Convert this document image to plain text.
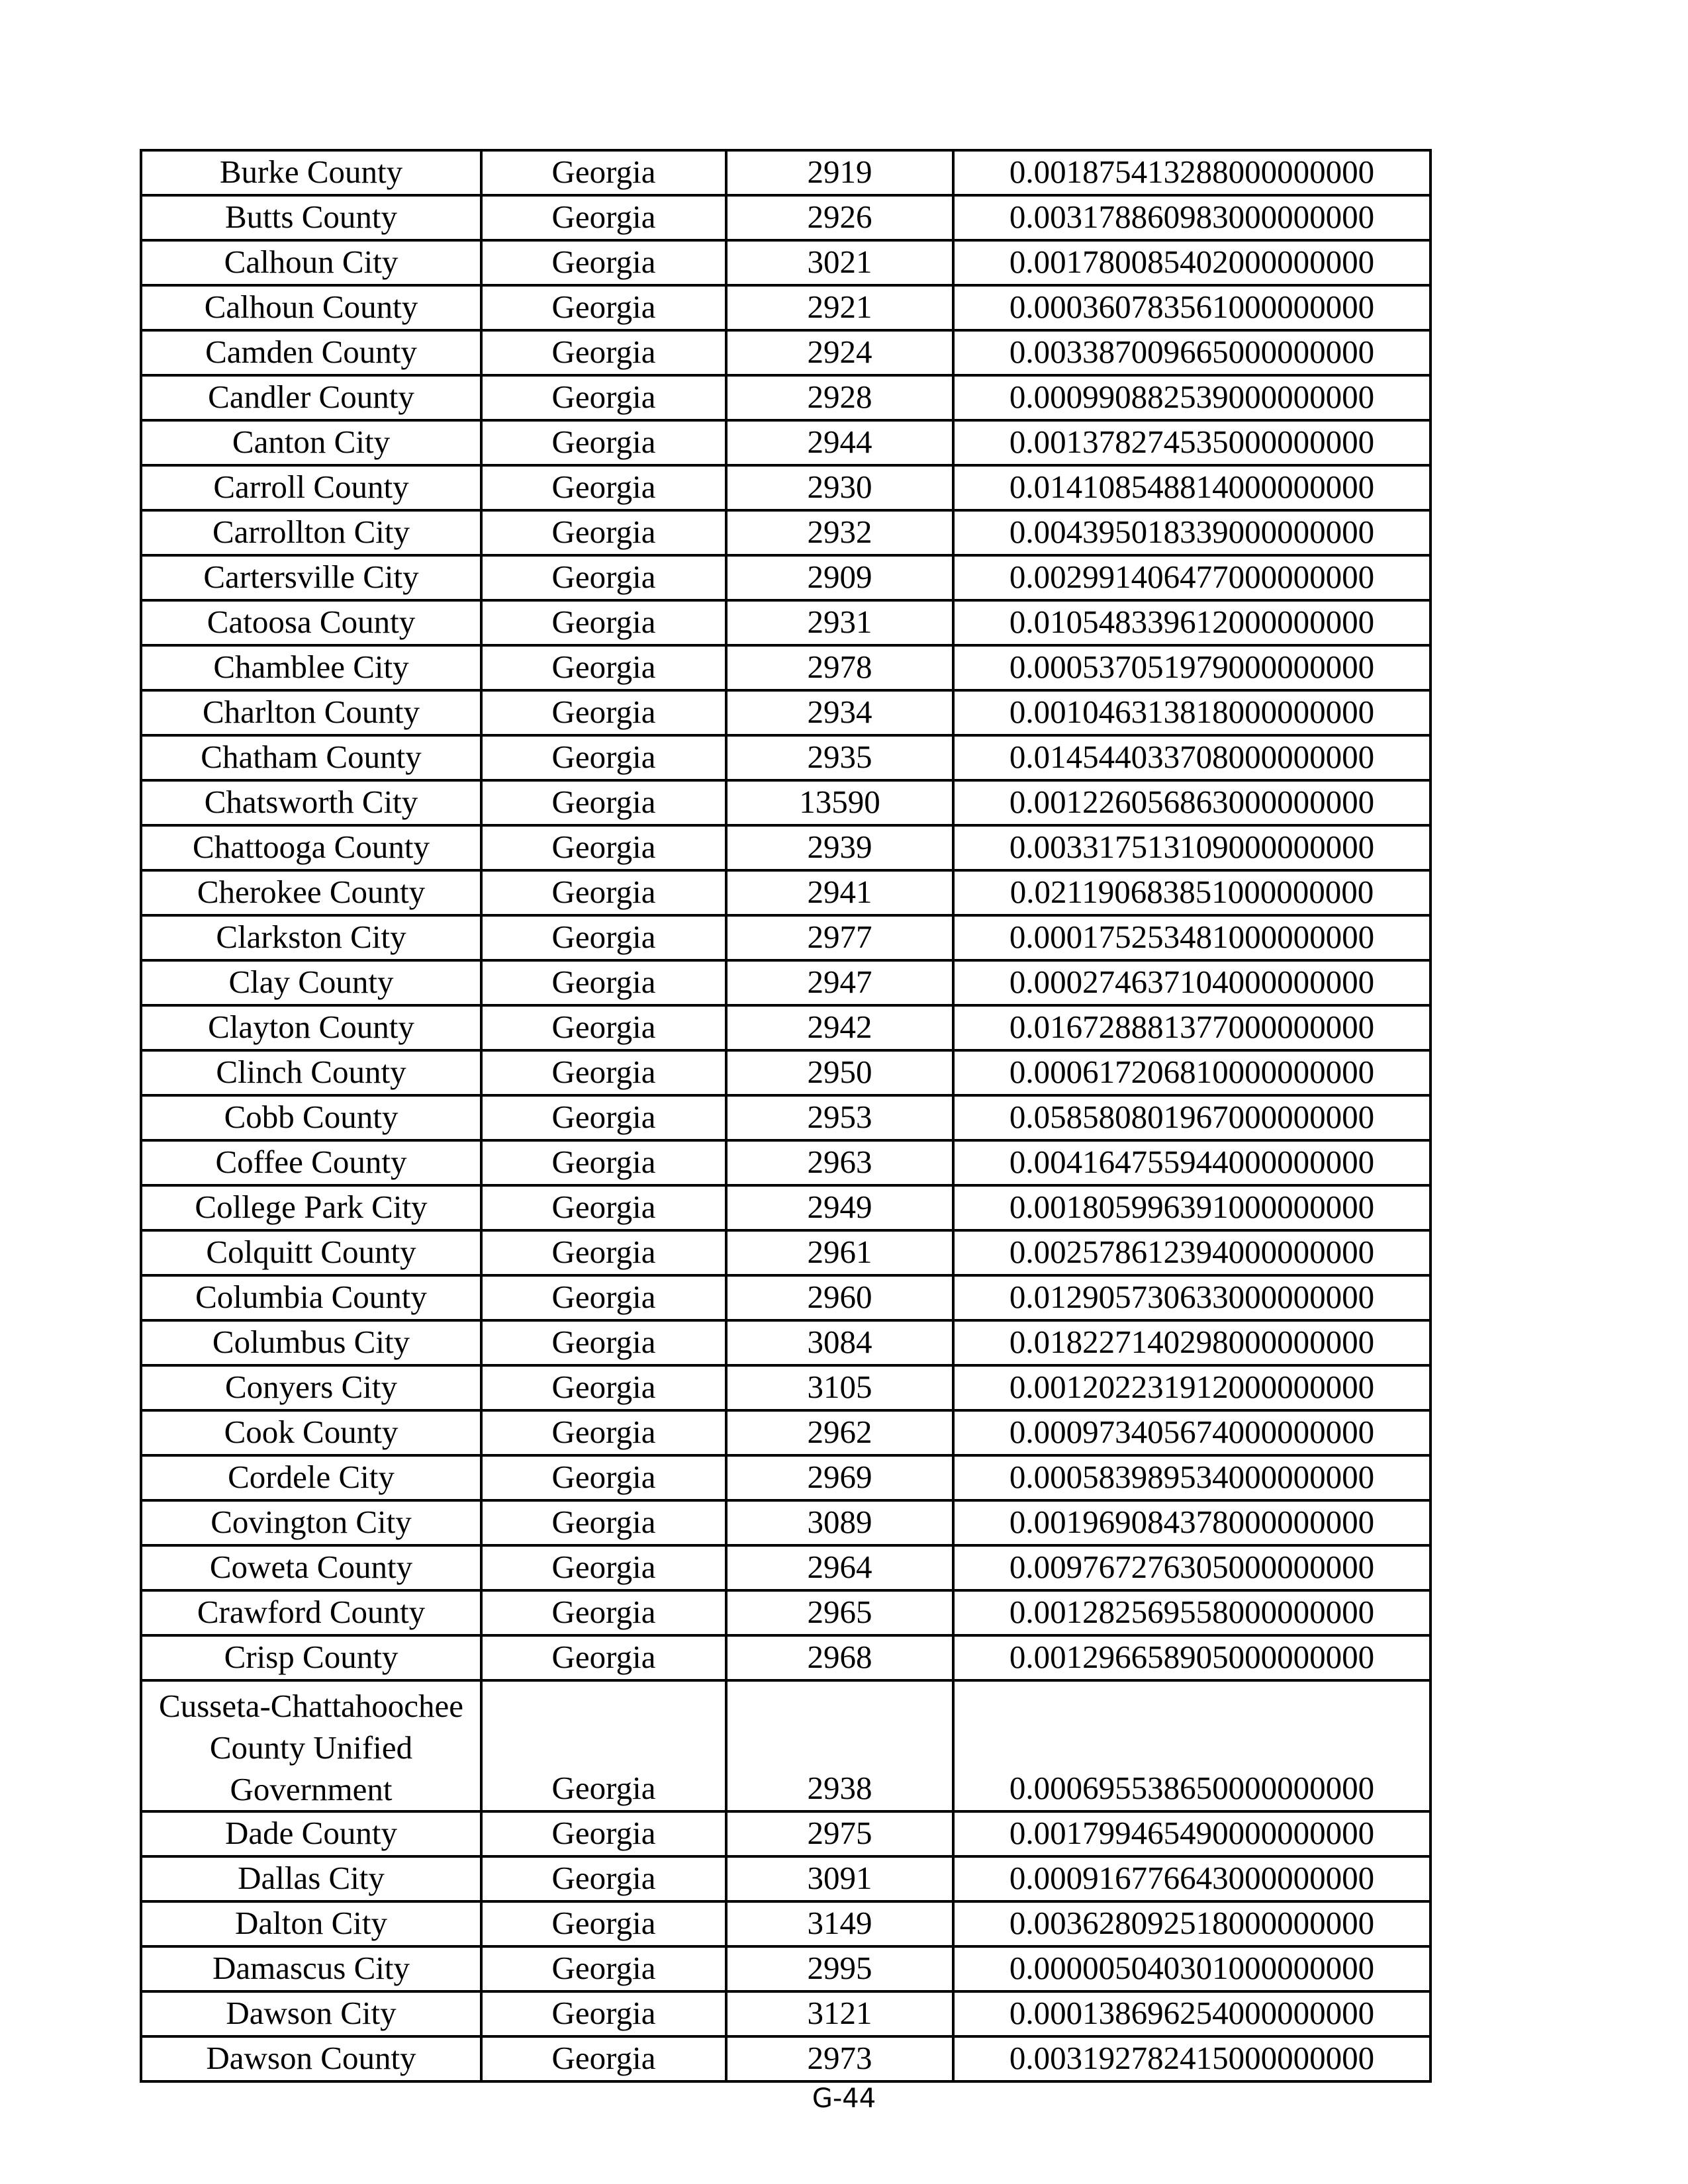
Burke County	Georgia	2919	0.001875413288000000000
Butts County	Georgia	2926	0.003178860983000000000
Calhoun City	Georgia	3021	0.001780085402000000000
Calhoun County	Georgia	2921	0.000360783561000000000
Camden County	Georgia	2924	0.003387009665000000000
Candler County	Georgia	2928	0.000990882539000000000
Canton City	Georgia	2944	0.001378274535000000000
Carroll County	Georgia	2930	0.014108548814000000000
Carrollton City	Georgia	2932	0.004395018339000000000
Cartersville City	Georgia	2909	0.002991406477000000000
Catoosa County	Georgia	2931	0.010548339612000000000
Chamblee City	Georgia	2978	0.000537051979000000000
Charlton County	Georgia	2934	0.001046313818000000000
Chatham County	Georgia	2935	0.014544033708000000000
Chatsworth City	Georgia	13590	0.001226056863000000000
Chattooga County	Georgia	2939	0.003317513109000000000
Cherokee County	Georgia	2941	0.021190683851000000000
Clarkston City	Georgia	2977	0.000175253481000000000
Clay County	Georgia	2947	0.000274637104000000000
Clayton County	Georgia	2942	0.016728881377000000000
Clinch County	Georgia	2950	0.000617206810000000000
Cobb County	Georgia	2953	0.058580801967000000000
Coffee County	Georgia	2963	0.004164755944000000000
College Park City	Georgia	2949	0.001805996391000000000
Colquitt County	Georgia	2961	0.002578612394000000000
Columbia County	Georgia	2960	0.012905730633000000000
Columbus City	Georgia	3084	0.018227140298000000000
Conyers City	Georgia	3105	0.001202231912000000000
Cook County	Georgia	2962	0.000973405674000000000
Cordele City	Georgia	2969	0.000583989534000000000
Covington City	Georgia	3089	0.001969084378000000000
Coweta County	Georgia	2964	0.009767276305000000000
Crawford County	Georgia	2965	0.001282569558000000000
Crisp County	Georgia	2968	0.001296658905000000000
Cusseta-Chattahoochee County Unified Government	Georgia	2938	0.000695538650000000000
Dade County	Georgia	2975	0.001799465490000000000
Dallas City	Georgia	3091	0.000916776643000000000
Dalton City	Georgia	3149	0.003628092518000000000
Damascus City	Georgia	2995	0.000005040301000000000
Dawson City	Georgia	3121	0.000138696254000000000
Dawson County	Georgia	2973	0.003192782415000000000
G-44
